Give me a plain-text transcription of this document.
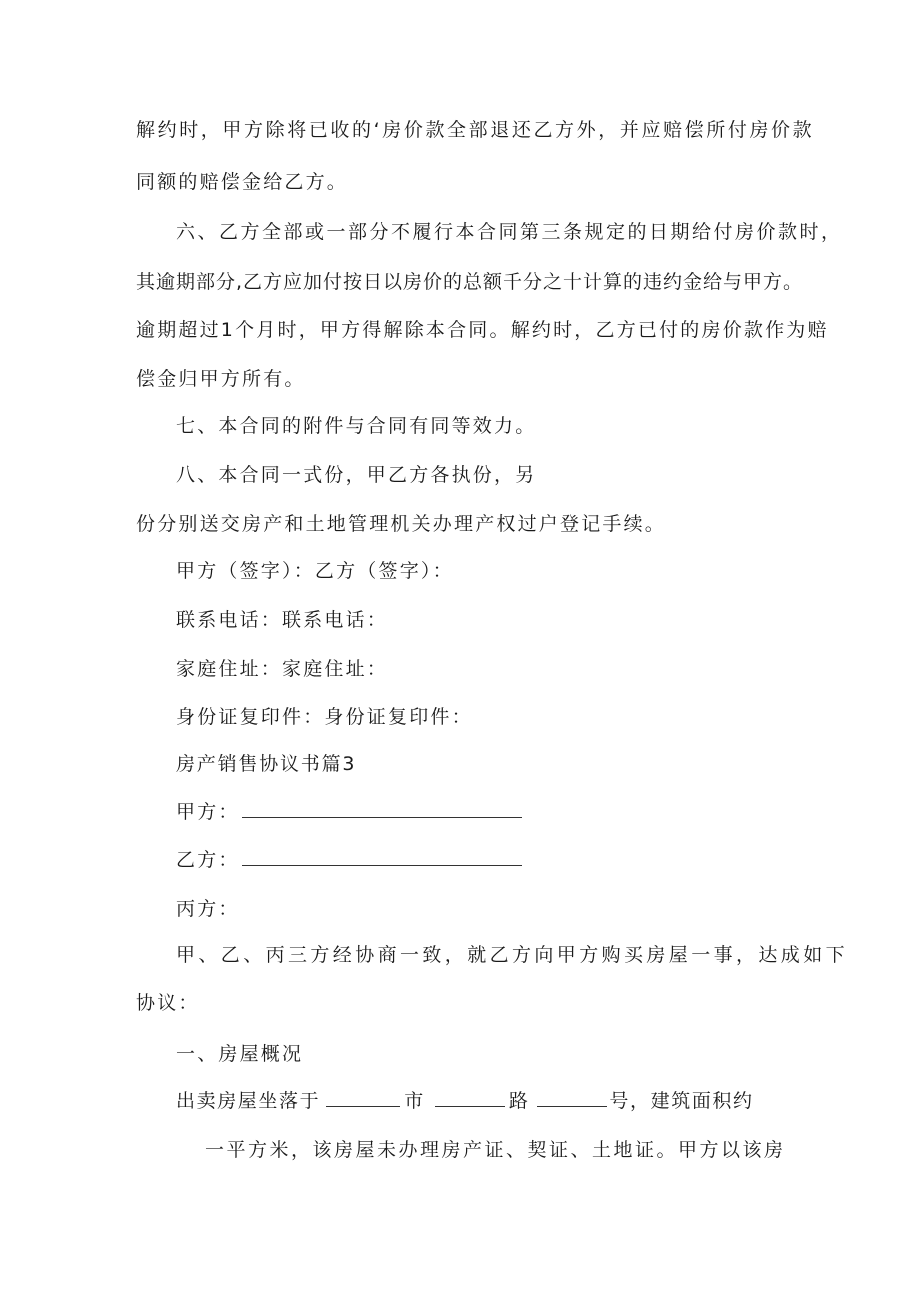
解约时，甲方除将已收的‘房价款全部退还乙方外，并应赔偿所付房价款
同额的赔偿金给乙方。
六、乙方全部或一部分不履行本合同第三条规定的日期给付房价款时，
其逾期部分,乙方应加付按日以房价的总额千分之十计算的违约金给与甲方。
逾期超过1个月时，甲方得解除本合同。解约时，乙方已付的房价款作为赔
偿金归甲方所有。
七、本合同的附件与合同有同等效力。
八、本合同一式份，甲乙方各执份，另
份分别送交房产和土地管理机关办理产权过户登记手续。
甲方（签字）：乙方（签字）：
联系电话：联系电话：
家庭住址：家庭住址：
身份证复印件：身份证复印件：
房产销售协议书篇3
甲方：
乙方：
丙方：
甲、乙、丙三方经协商一致，就乙方向甲方购买房屋一事，达成如下
协议：
一、房屋概况
出卖房屋坐落于	市	路	号，建筑面积约
一平方米，该房屋未办理房产证、契证、土地证。甲方以该房
